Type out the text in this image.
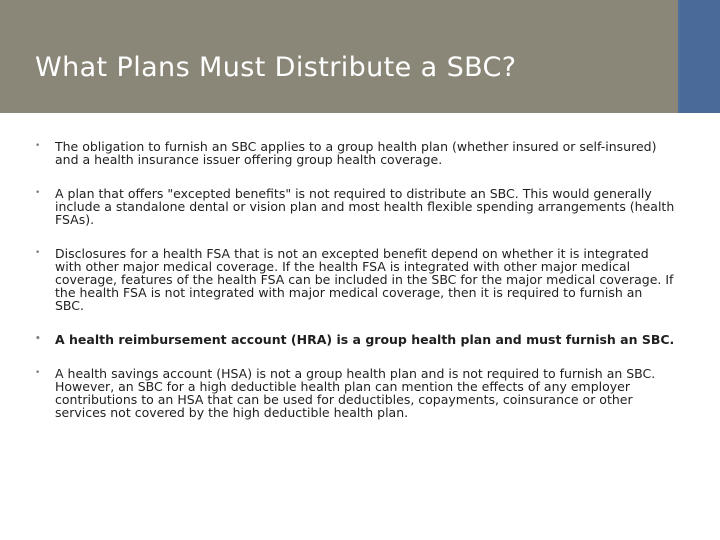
What Plans Must Distribute a SBC?
• The obligation to furnish an SBC applies to a group health plan (whether insured or self-insured) and a health insurance issuer offering group health coverage.
• A plan that offers "excepted benefits" is not required to distribute an SBC. This would generally include a standalone dental or vision plan and most health flexible spending arrangements (health FSAs).
• Disclosures for a health FSA that is not an excepted benefit depend on whether it is integrated with other major medical coverage. If the health FSA is integrated with other major medical coverage, features of the health FSA can be included in the SBC for the major medical coverage. If the health FSA is not integrated with major medical coverage, then it is required to furnish an SBC.
• A health reimbursement account (HRA) is a group health plan and must furnish an SBC.
• A health savings account (HSA) is not a group health plan and is not required to furnish an SBC. However, an SBC for a high deductible health plan can mention the effects of any employer contributions to an HSA that can be used for deductibles, copayments, coinsurance or other services not covered by the high deductible health plan.
